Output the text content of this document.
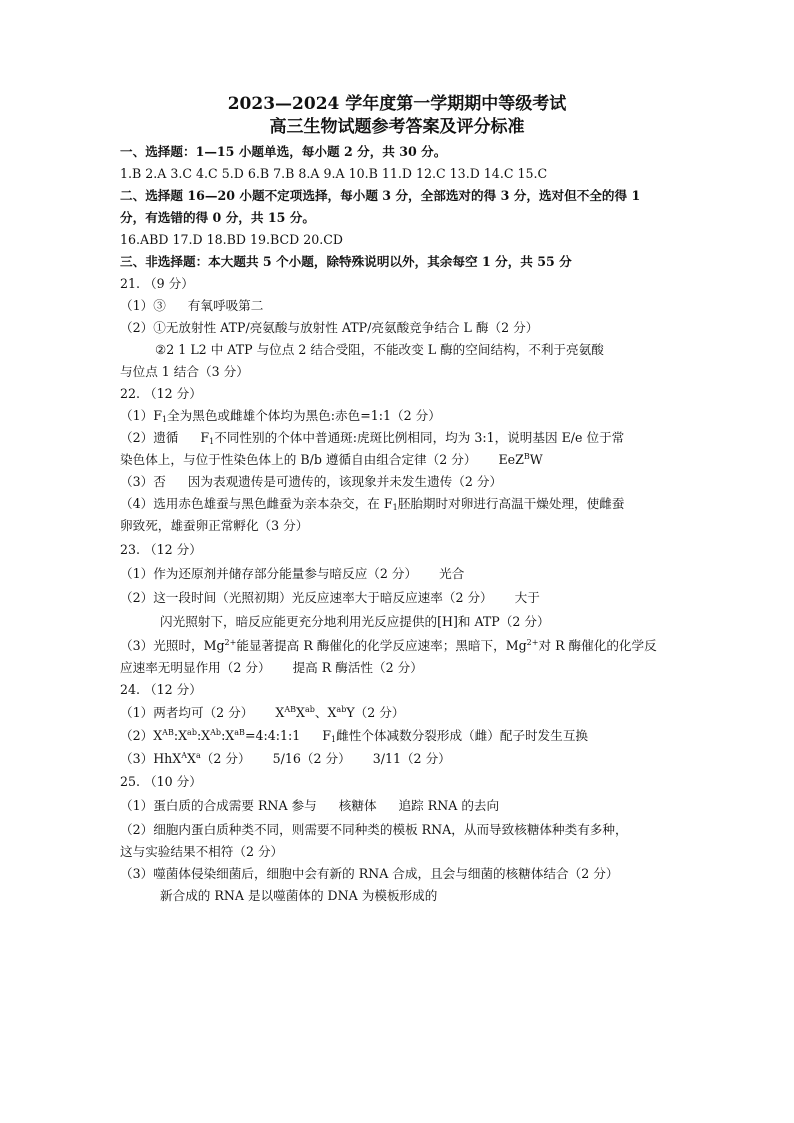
2023—2024 学年度第一学期期中等级考试
高三生物试题参考答案及评分标准
一、选择题：1—15 小题单选，每小题 2 分，共 30 分。
1.B 2.A 3.C 4.C 5.D 6.B 7.B 8.A 9.A 10.B 11.D 12.C 13.D 14.C 15.C
二、选择题 16—20 小题不定项选择，每小题 3 分，全部选对的得 3 分，选对但不全的得 1
分，有选错的得 0 分，共 15 分。
16.ABD 17.D 18.BD 19.BCD 20.CD
三、非选择题：本大题共 5 个小题，除特殊说明以外，其余每空 1 分，共 55 分
21. （9 分）
（1）③ 有氧呼吸第二
（2）①无放射性 ATP/亮氨酸与放射性 ATP/亮氨酸竞争结合 L 酶（2 分）
②2 1 L2 中 ATP 与位点 2 结合受阻，不能改变 L 酶的空间结构，不利于亮氨酸
与位点 1 结合（3 分）
22. （12 分）
$(1)F_1$全为黑色或雌雄个体均为黑色:赤色=1:1（2 分）
（2）遗循 $F_1$不同性别的个体中普通斑:虎斑比例相同，均为 3:1，说明基因 E/e 位于常
染色体上，与位于性染色体上的 B/b 遵循自由组合定律（2 分） EeZ$^B$W
（3）否 因为表观遗传是可遗传的，该现象并未发生遗传（2 分）
（4）选用赤色雄蚕与黑色雌蚕为亲本杂交，在 $F_1$胚胎期时对卵进行高温干燥处理，使雌蚕
卵致死，雄蚕卵正常孵化（3 分）
23. （12 分）
（1）作为还原剂并储存部分能量参与暗反应（2 分） 光合
（2）这一段时间（光照初期）光反应速率大于暗反应速率（2 分） 大于
闪光照射下，暗反应能更充分地利用光反应提供的[H]和 ATP（2 分）
（3）光照时，$Mg^{2+}$能显著提高 R 酶催化的化学反应速率；黑暗下，$Mg^{2+}$对 R 酶催化的化学反
应速率无明显作用（2 分） 提高 R 酶活性（2 分）
24. （12 分）
（1）两者均可（2 分） $X^{AB}X^{ab}$、$X^{ab}Y(2$ 分）
$(2)X^{AB}:X^{ab}:X^{Ab}:X^{aB}=4:4:1:1$ $F_1$雌性个体减数分裂形成（雌）配子时发生互换
$(3)HhX^AX^a(2$ 分） 5/16（2 分） 3/11（2 分）
25. （10 分）
（1）蛋白质的合成需要 RNA 参与 核糖体 追踪 RNA 的去向
（2）细胞内蛋白质种类不同，则需要不同种类的模板 RNA，从而导致核糖体种类有多种，
这与实验结果不相符（2 分）
（3）噬菌体侵染细菌后，细胞中会有新的 RNA 合成，且会与细菌的核糖体结合（2 分）
新合成的 RNA 是以噬菌体的 DNA 为模板形成的
